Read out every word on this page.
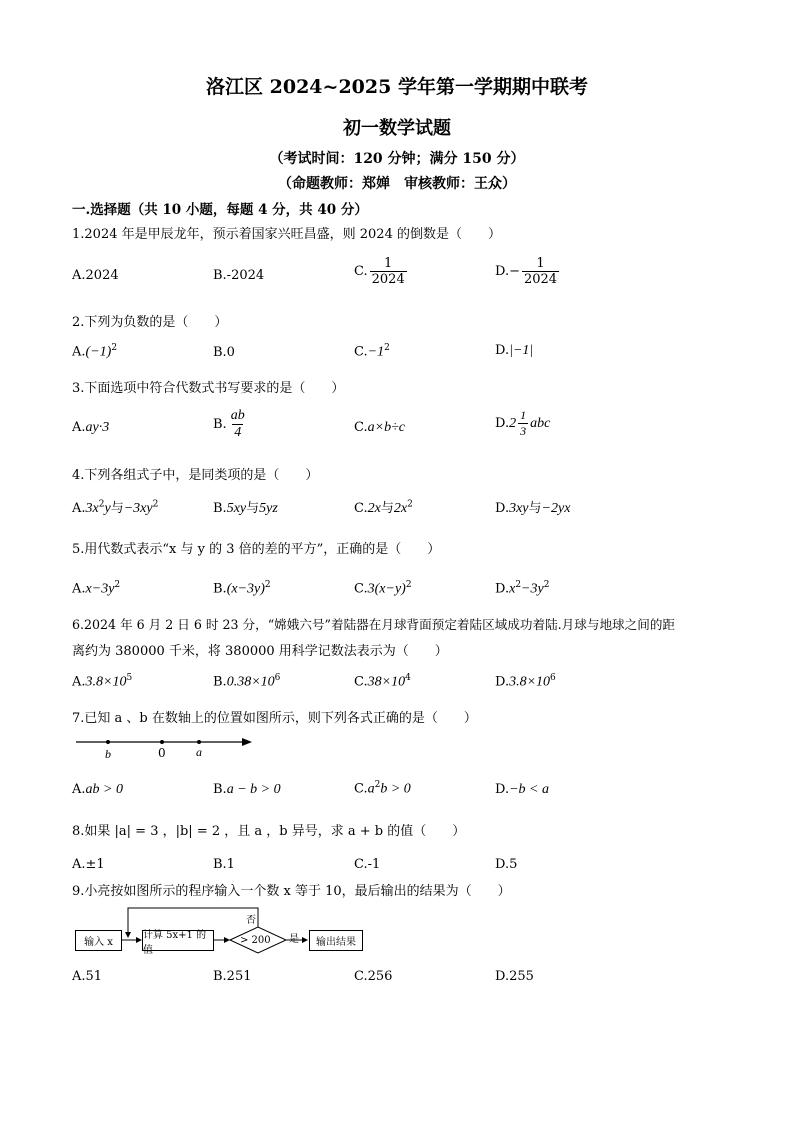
洛江区 2024~2025 学年第一学期期中联考
初一数学试题
（考试时间：120 分钟；满分 150 分）
（命题教师：郑婵　审核教师：王众）
一.选择题（共 10 小题，每题 4 分，共 40 分）
1.2024 年是甲辰龙年，预示着国家兴旺昌盛，则 2024 的倒数是（　　）
A.2024	B.-2024	C. $\frac{1}{2024}$	$D.- \frac{1}{2024}$
2.下列为负数的是（　　）
$A.(-1)^2$	B.0	$C.-1^2$	D.|−1|
3.下面选项中符合代数式书写要求的是（　　）
A.ay·3	B. $\frac{ab}{4}$	C.a×b÷c	D. $2 \frac{1}{3}$ abc
4.下列各组式子中，是同类项的是（　　）
$A.3x^2y$与$-3xy^2$	B.5xy与5yz	C.2x与$2x^2$	D.3xy与−2yx
5.用代数式表示“x 与 y 的 3 倍的差的平方”，正确的是（　　）
$A.x-3y^2$	$B.(x-3y)^2$	$C.3(x-y)^2$	$D.x^2-3y^2$
6.2024 年 6 月 2 日 6 时 23 分，“嫦娥六号”着陆器在月球背面预定着陆区域成功着陆.月球与地球之间的距
离约为 380000 千米，将 380000 用科学记数法表示为（　　）
$A.3.8\times 10^5$	$B.0.38\times 10^6$	$C.38\times 10^4$	$D.3.8\times 10^6$
7.已知 a 、b 在数轴上的位置如图所示，则下列各式正确的是（　　）
b	0	a
A.ab > 0	B.a − b > 0	$C.a^2b > 0$	D.−b < a
8.如果 |a| = 3 ，|b| = 2 ，且 a ，b 异号，求 a + b 的值（　　）
A.±1	B.1	C.-1	D.5
9.小亮按如图所示的程序输入一个数 x 等于 10，最后输出的结果为（　　）
输入 x
计算 5x+1 的值
> 200
否
是 输出结果
A.51	B.251	C.256	D.255
